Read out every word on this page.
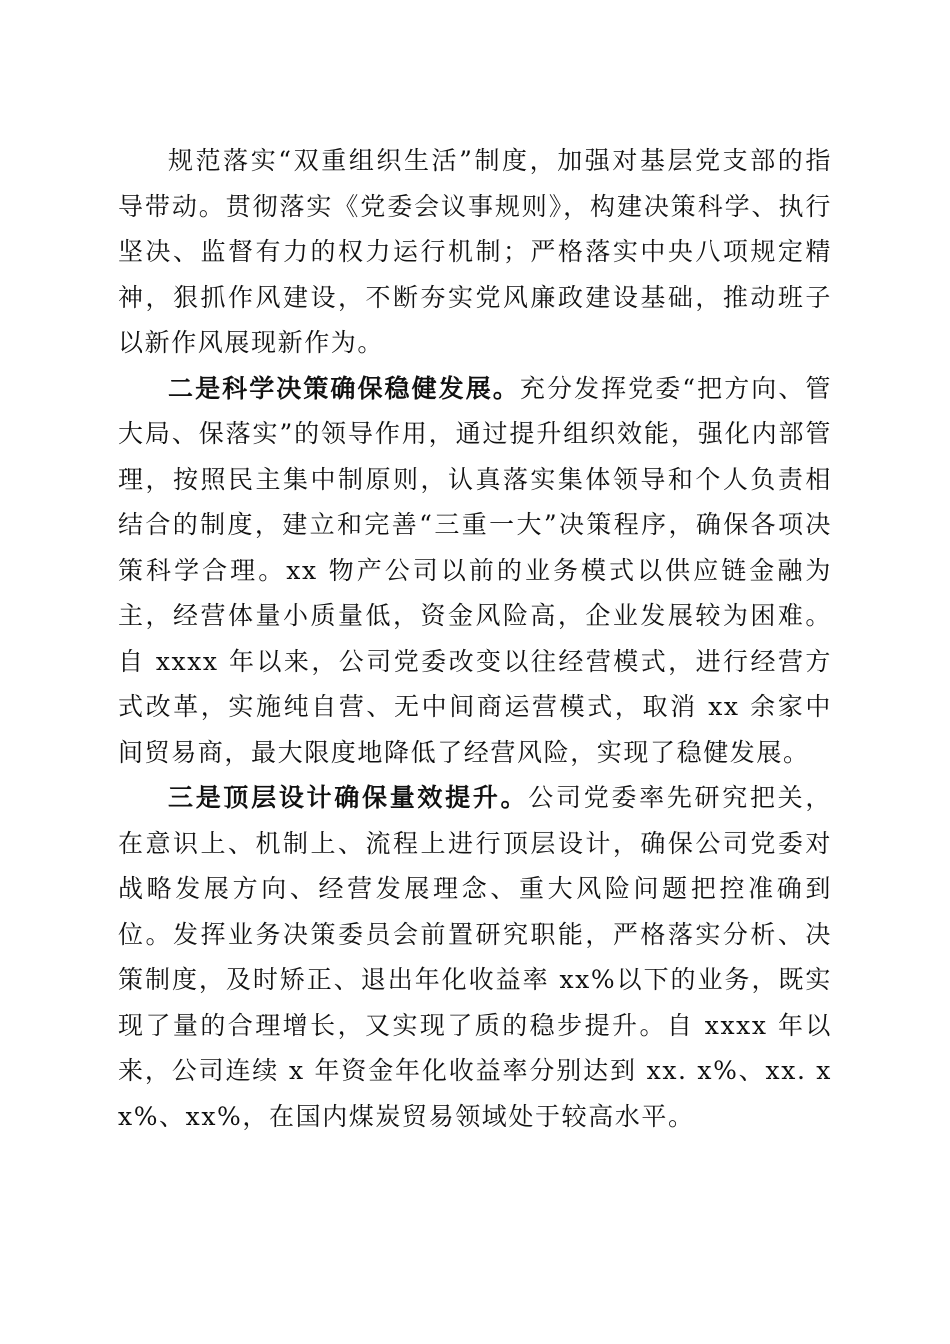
规范落实“双重组织生活”制度，加强对基层党支部的指导带动。贯彻落实《党委会议事规则》，构建决策科学、执行坚决、监督有力的权力运行机制；严格落实中央八项规定精神，狠抓作风建设，不断夯实党风廉政建设基础，推动班子以新作风展现新作为。

二是科学决策确保稳健发展。充分发挥党委“把方向、管大局、保落实”的领导作用，通过提升组织效能，强化内部管理，按照民主集中制原则，认真落实集体领导和个人负责相结合的制度，建立和完善“三重一大”决策程序，确保各项决策科学合理。xx 物产公司以前的业务模式以供应链金融为主，经营体量小质量低，资金风险高，企业发展较为困难。自 xxxx 年以来，公司党委改变以往经营模式，进行经营方式改革，实施纯自营、无中间商运营模式，取消 xx 余家中间贸易商，最大限度地降低了经营风险，实现了稳健发展。

三是顶层设计确保量效提升。公司党委率先研究把关，在意识上、机制上、流程上进行顶层设计，确保公司党委对战略发展方向、经营发展理念、重大风险问题把控准确到位。发挥业务决策委员会前置研究职能，严格落实分析、决策制度，及时矫正、退出年化收益率 xx%以下的业务，既实现了量的合理增长，又实现了质的稳步提升。自 xxxx 年以来，公司连续 x 年资金年化收益率分别达到 xx. x%、xx. xx%、xx%，在国内煤炭贸易领域处于较高水平。
